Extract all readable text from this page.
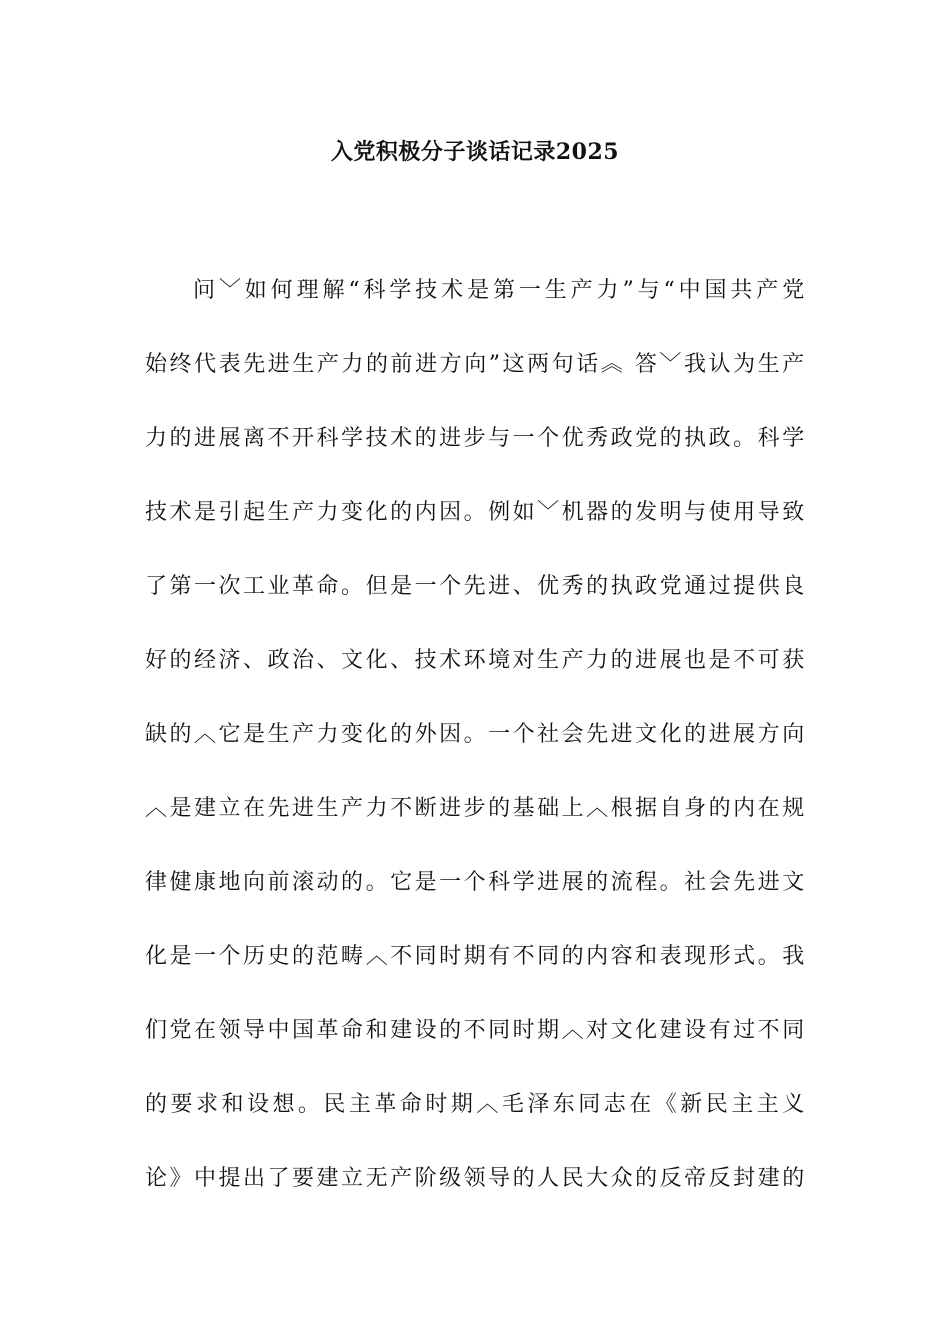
入党积极分子谈话记录2025
问﹀如何理解“科学技术是第一生产力”与“中国共产党
始终代表先进生产力的前进方向”这两句话︽ 答﹀我认为生产
力的进展离不开科学技术的进步与一个优秀政党的执政。科学
技术是引起生产力变化的内因。例如﹀机器的发明与使用导致
了第一次工业革命。但是一个先进、优秀的执政党通过提供良
好的经济、政治、文化、技术环境对生产力的进展也是不可获
缺的︿它是生产力变化的外因。一个社会先进文化的进展方向
︿是建立在先进生产力不断进步的基础上︿根据自身的内在规
律健康地向前滚动的。它是一个科学进展的流程。社会先进文
化是一个历史的范畴︿不同时期有不同的内容和表现形式。我
们党在领导中国革命和建设的不同时期︿对文化建设有过不同
的要求和设想。民主革命时期︿毛泽东同志在《新民主主义
论》中提出了要建立无产阶级领导的人民大众的反帝反封建的
